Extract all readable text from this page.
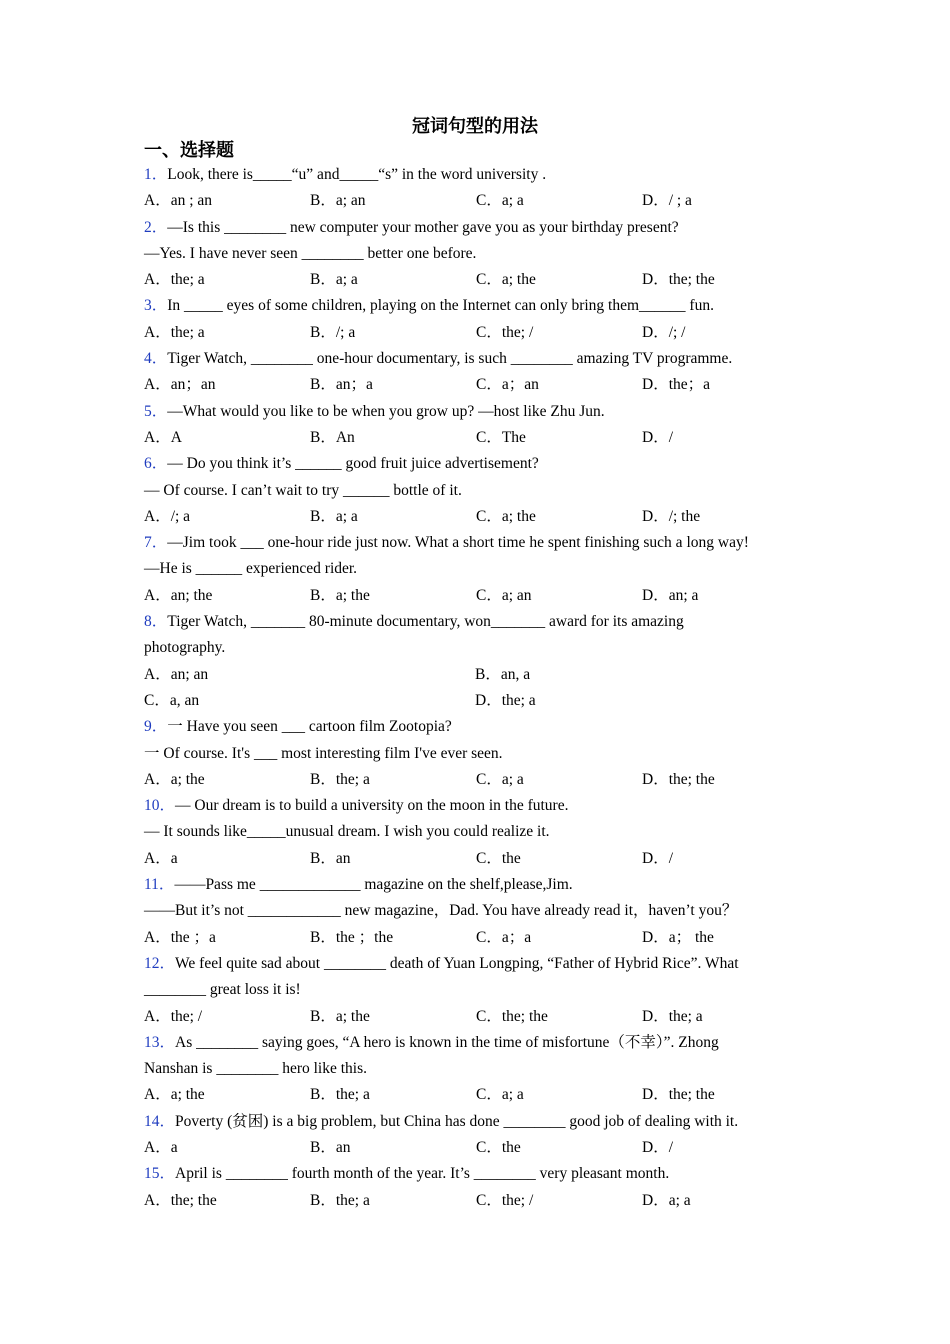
冠词句型的用法
一、选择题
1．Look, there is_____“u” and_____“s” in the word university .
A．an ; an	B．a; an	C．a; a	D．/ ; a
2．—Is this ________ new computer your mother gave you as your birthday present?
—Yes. I have never seen ________ better one before.
A．the; a	B．a; a	C．a; the	D．the; the
3．In _____ eyes of some children, playing on the Internet can only bring them______ fun.
A．the; a	B．/; a	C．the; /	D．/; /
4．Tiger Watch, ________ one-hour documentary, is such ________ amazing TV programme.
A．an；an	B．an；a	C．a；an	D．the；a
5．—What would you like to be when you grow up? —host like Zhu Jun.
A．A	B．An	C．The	D．/
6．— Do you think it’s ______ good fruit juice advertisement?
— Of course. I can’t wait to try ______ bottle of it.
A．/; a	B．a; a	C．a; the	D．/; the
7．—Jim took ___ one-hour ride just now. What a short time he spent finishing such a long way!
—He is ______ experienced rider.
A．an; the	B．a; the	C．a; an	D．an; a
8．Tiger Watch, _______ 80-minute documentary, won_______ award for its amazing
photography.
A．an; an	B．an, a
C．a, an	D．the; a
9．一 Have you seen ___ cartoon film Zootopia?
一 Of course. It's ___ most interesting film I've ever seen.
A．a; the	B．the; a	C．a; a	D．the; the
10．— Our dream is to build a university on the moon in the future.
— It sounds like_____unusual dream. I wish you could realize it.
A．a	B．an	C．the	D．/
11．——Pass me _____________ magazine on the shelf,please,Jim.
——But it’s not ____________ new magazine，Dad. You have already read it，haven’t you？
A．the ；a	B．the ；the	C．a；a	D．a； the
12．We feel quite sad about ________ death of Yuan Longping, “Father of Hybrid Rice”. What
________ great loss it is!
A．the; /	B．a; the	C．the; the	D．the; a
13．As ________ saying goes, “A hero is known in the time of misfortune（不幸）”. Zhong
Nanshan is ________ hero like this.
A．a; the	B．the; a	C．a; a	D．the; the
14．Poverty (贫困) is a big problem, but China has done ________ good job of dealing with it.
A．a	B．an	C．the	D．/
15．April is ________ fourth month of the year. It’s ________ very pleasant month.
A．the; the	B．the; a	C．the; /	D．a; a
